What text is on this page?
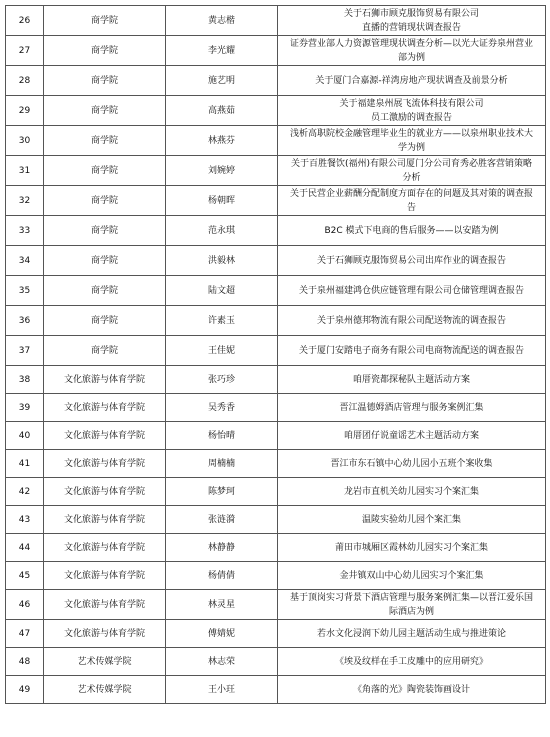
26	商学院	黄志楷	关于石狮市顾克服饰贸易有限公司
直播的营销现状调查报告

27	商学院	李光耀	证券营业部人力资源管理现状调查分析—以光大证券泉州营业
部为例

28	商学院	施艺明	关于厦门合嘉源-祥湾房地产现状调查及前景分析

29	商学院	高燕茹	关于福建泉州展飞流体科技有限公司
员工激励的调查报告

30	商学院	林燕芬	浅析高职院校金融管理毕业生的就业方——以泉州职业技术大
学为例

31	商学院	刘婉婷	关于百胜餐饮(福州)有限公司厦门分公司育秀必胜客营销策略
分析

32	商学院	杨朝晖	关于民营企业薪酬分配制度方面存在的问题及其对策的调查报
告

33	商学院	范永琪	B2C 模式下电商的售后服务——以安踏为例

34	商学院	洪毅林	关于石狮顾克服饰贸易公司出库作业的调查报告

35	商学院	陆文超	关于泉州福建鸿仓供应链管理有限公司仓储管理调查报告

36	商学院	许素玉	关于泉州德邦物流有限公司配送物流的调查报告

37	商学院	王佳妮	关于厦门安踏电子商务有限公司电商物流配送的调查报告

38	文化旅游与体育学院	张巧珍	咱厝瓷都探秘队主题活动方案

39	文化旅游与体育学院	吴秀香	晋江温德姆酒店管理与服务案例汇集

40	文化旅游与体育学院	杨怡晴	咱厝团仔说童谣艺术主题活动方案

41	文化旅游与体育学院	周楠楠	晋江市东石镇中心幼儿园小五班个案收集

42	文化旅游与体育学院	陈梦珂	龙岩市直机关幼儿园实习个案汇集

43	文化旅游与体育学院	张涟漪	温陵实验幼儿园个案汇集

44	文化旅游与体育学院	林静静	莆田市城厢区霞林幼儿园实习个案汇集

45	文化旅游与体育学院	杨倩倩	金井镇双山中心幼儿园实习个案汇集

46	文化旅游与体育学院	林灵星	基于顶岗实习背景下酒店管理与服务案例汇集—以晋江爱乐国
际酒店为例

47	文化旅游与体育学院	傅婧妮	若水文化浸润下幼儿园主题活动生成与推进策论

48	艺术传媒学院	林志荣	《埃及纹样在手工皮雕中的应用研究》

49	艺术传媒学院	王小玨	《角落的光》陶瓷装饰画设计
